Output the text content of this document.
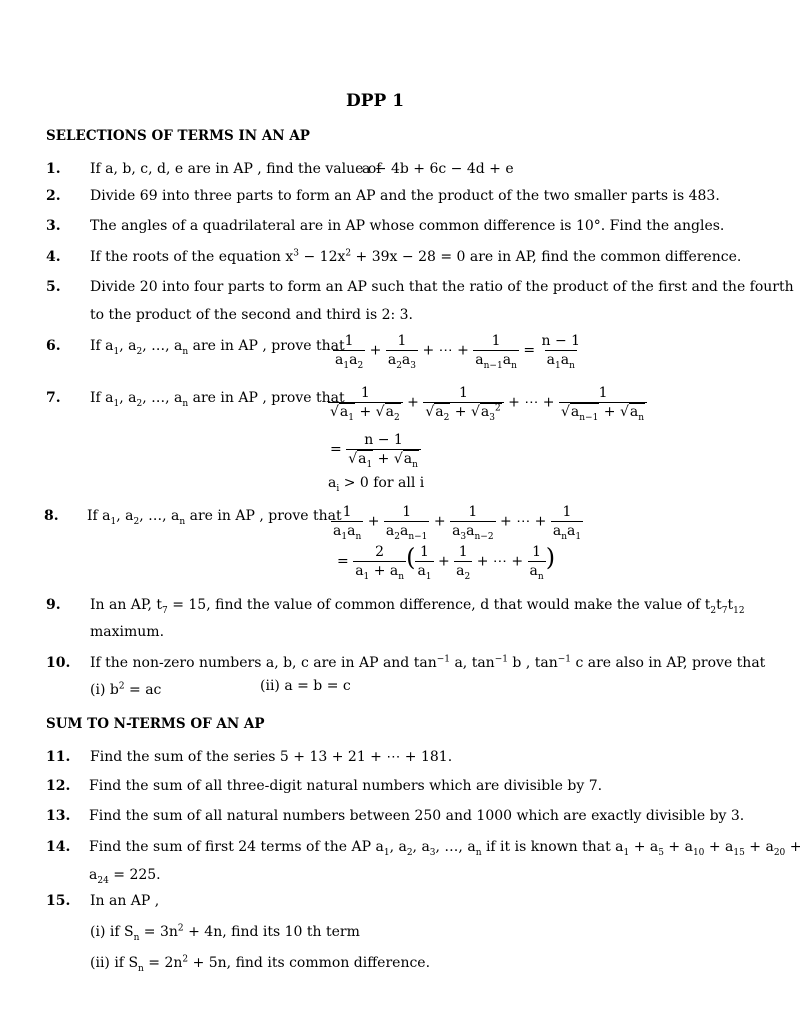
DPP 1
SELECTIONS OF TERMS IN AN AP
1. If a, b, c, d, e are in AP , find the value of
a − 4b + 6c − 4d + e
2. Divide 69 into three parts to form an AP and the product of the two smaller parts is 483.
3. The angles of a quadrilateral are in AP whose common difference is 10°. Find the angles.
4. If the roots of the equation $x^3 - 12x^2 + 39x - 28 = 0$ are in AP, find the common difference.
5. Divide 20 into four parts to form an AP such that the ratio of the product of the first and the fourth
to the product of the second and third is 2: 3.
6. If $a_1$, $a_2$, …, $a_n$ are in AP , prove that
$\frac{1}{a_1a_2} + \frac{1}{a_2a_3}$ + ⋯ + $\frac{1}{a_{n-1}a_n} = \frac{n - 1}{a_1a_n}$
7. If $a_1$, $a_2$, …, $a_n$ are in AP , prove that
$\frac{1}{√a_1 + √a_2} + \frac{1}{√a_2 + √a_3^2}$ + ⋯ + $\frac{1}{√a_{n-1} + √a_n}$
= $\frac{n - 1}{√a_1 + √a_n}$
$a_i > 0$ for all i
8. If $a_1$, $a_2$, …, $a_n$ are in AP , prove that
$\frac{1}{a_1a_n} + \frac{1}{a_2a_{n-1}} + \frac{1}{a_3a_{n-2}}$ + ⋯ + $\frac{1}{a_na_1}$
= $\frac{2}{a_1 + a_n}$ ( $\frac{1}{a_1} + \frac{1}{a_2}$ + ⋯ + $\frac{1}{a_n}$ )
9. In an AP, $t_7 = 15$, find the value of common difference, d that would make the value of $t_2t_7t_{12}$
maximum.
10. If the non-zero numbers a, b, c are in AP and $\tan^{-1} a$, $\tan^{-1} b$ , $\tan^{-1} c$ are also in AP, prove that
(i) $b^2$ = ac	(ii) a = b = c
SUM TO N-TERMS OF AN AP
11. Find the sum of the series 5 + 13 + 21 + ⋯ + 181.
12. Find the sum of all three-digit natural numbers which are divisible by 7.
13. Find the sum of all natural numbers between 250 and 1000 which are exactly divisible by 3.
14. Find the sum of first 24 terms of the AP $a_1$, $a_2$, $a_3$, …, $a_n$ if it is known that $a_1 + a_5 + a_{10} + a_{15} + a_{20}$ +
$a_{24} = 225$.
15. In an AP ,
(i) if $S_n = 3n^2 + 4n$, find its 10 th term
(ii) if $S_n = 2n^2 + 5n$, find its common difference.
